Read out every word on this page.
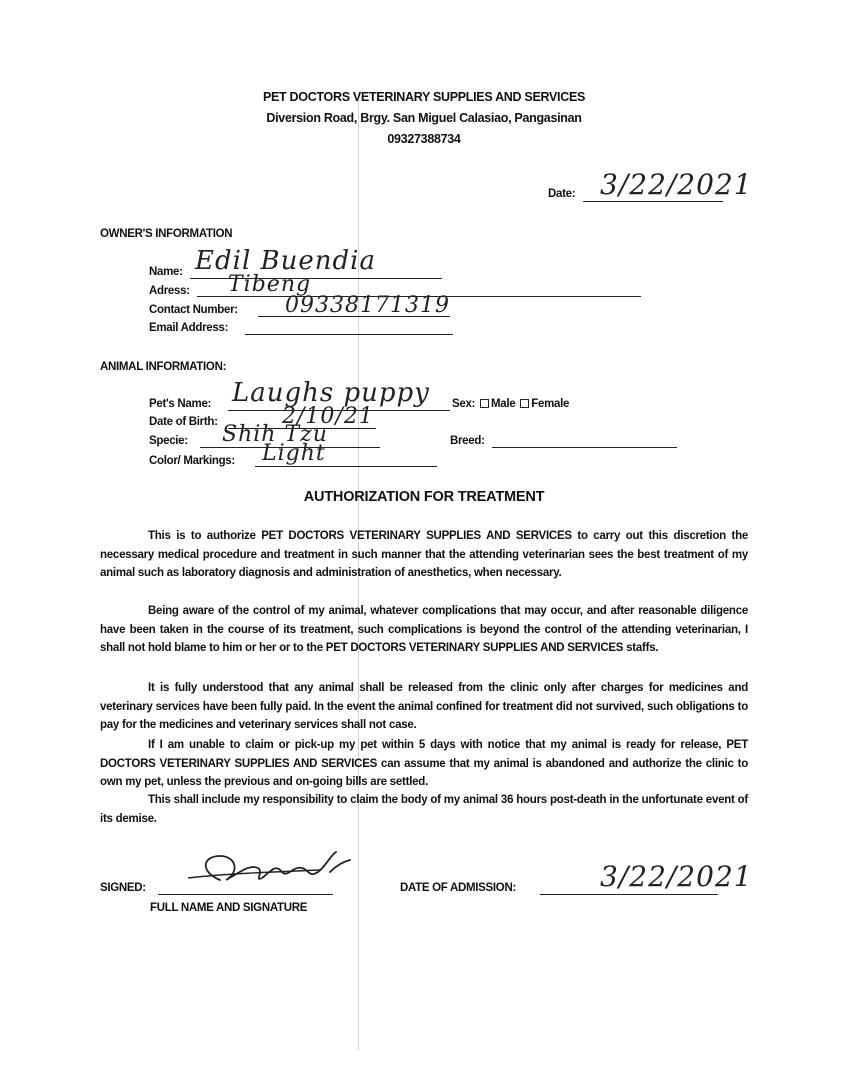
PET DOCTORS VETERINARY SUPPLIES AND SERVICES
Diversion Road, Brgy. San Miguel Calasiao, Pangasinan
09327388734
Date: 3/22/2021
OWNER'S INFORMATION
Name: Edil Buendia
Adress: Tibeng
Contact Number: 09338171319
Email Address:
ANIMAL INFORMATION:
Pet's Name: Laughs puppy Sex: Male Female
Date of Birth:	2/10/21
Specie: Shih Tzu	Breed:
Color/ Markings: Light
AUTHORIZATION FOR TREATMENT

This is to authorize PET DOCTORS VETERINARY SUPPLIES AND SERVICES to carry out this discretion the necessary medical procedure and treatment in such manner that the attending veterinarian sees the best treatment of my animal such as laboratory diagnosis and administration of anesthetics, when necessary.

Being aware of the control of my animal, whatever complications that may occur, and after reasonable diligence have been taken in the course of its treatment, such complications is beyond the control of the attending veterinarian, I shall not hold blame to him or her or to the PET DOCTORS VETERINARY SUPPLIES AND SERVICES staffs.

It is fully understood that any animal shall be released from the clinic only after charges for medicines and veterinary services have been fully paid. In the event the animal confined for treatment did not survived, such obligations to pay for the medicines and veterinary services shall not case.

If I am unable to claim or pick-up my pet within 5 days with notice that my animal is ready for release, PET DOCTORS VETERINARY SUPPLIES AND SERVICES can assume that my animal is abandoned and authorize the clinic to own my pet, unless the previous and on-going bills are settled.

This shall include my responsibility to claim the body of my animal 36 hours post-death in the unfortunate event of its demise.

SIGNED:
FULL NAME AND SIGNATURE
DATE OF ADMISSION:	3/22/2021
